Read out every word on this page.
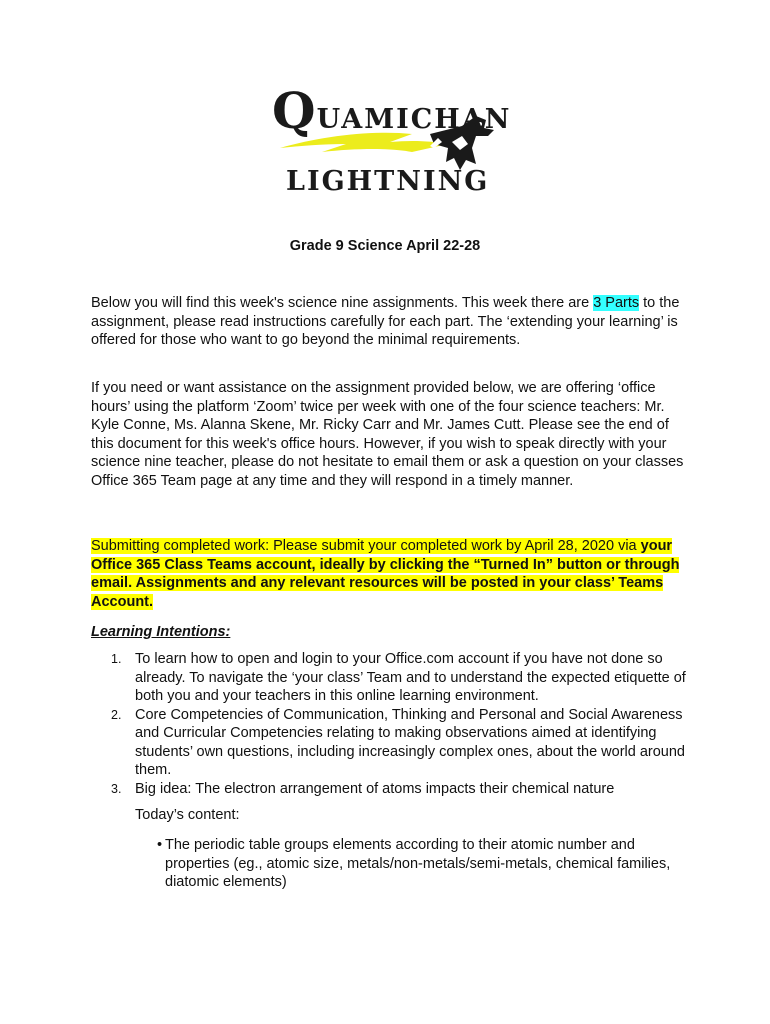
QUAMICHAN
LIGHTNING
Grade 9 Science April 22-28
Below you will find this week's science nine assignments. This week there are 3 Parts to the assignment, please read instructions carefully for each part. The ‘extending your learning’ is offered for those who want to go beyond the minimal requirements.
If you need or want assistance on the assignment provided below, we are offering ‘office hours’ using the platform ‘Zoom’ twice per week with one of the four science teachers: Mr. Kyle Conne, Ms. Alanna Skene, Mr. Ricky Carr and Mr. James Cutt. Please see the end of this document for this week's office hours. However, if you wish to speak directly with your science nine teacher, please do not hesitate to email them or ask a question on your classes Office 365 Team page at any time and they will respond in a timely manner.
Submitting completed work: Please submit your completed work by April 28, 2020 via your Office 365 Class Teams account, ideally by clicking the “Turned In” button or through email. Assignments and any relevant resources will be posted in your class’ Teams Account.
Learning Intentions:
1. To learn how to open and login to your Office.com account if you have not done so already. To navigate the ‘your class’ Team and to understand the expected etiquette of both you and your teachers in this online learning environment.
2. Core Competencies of Communication, Thinking and Personal and Social Awareness and Curricular Competencies relating to making observations aimed at identifying students’ own questions, including increasingly complex ones, about the world around them.
3. Big idea: The electron arrangement of atoms impacts their chemical nature
Today’s content:
• The periodic table groups elements according to their atomic number and properties (eg., atomic size, metals/non-metals/semi-metals, chemical families, diatomic elements)
